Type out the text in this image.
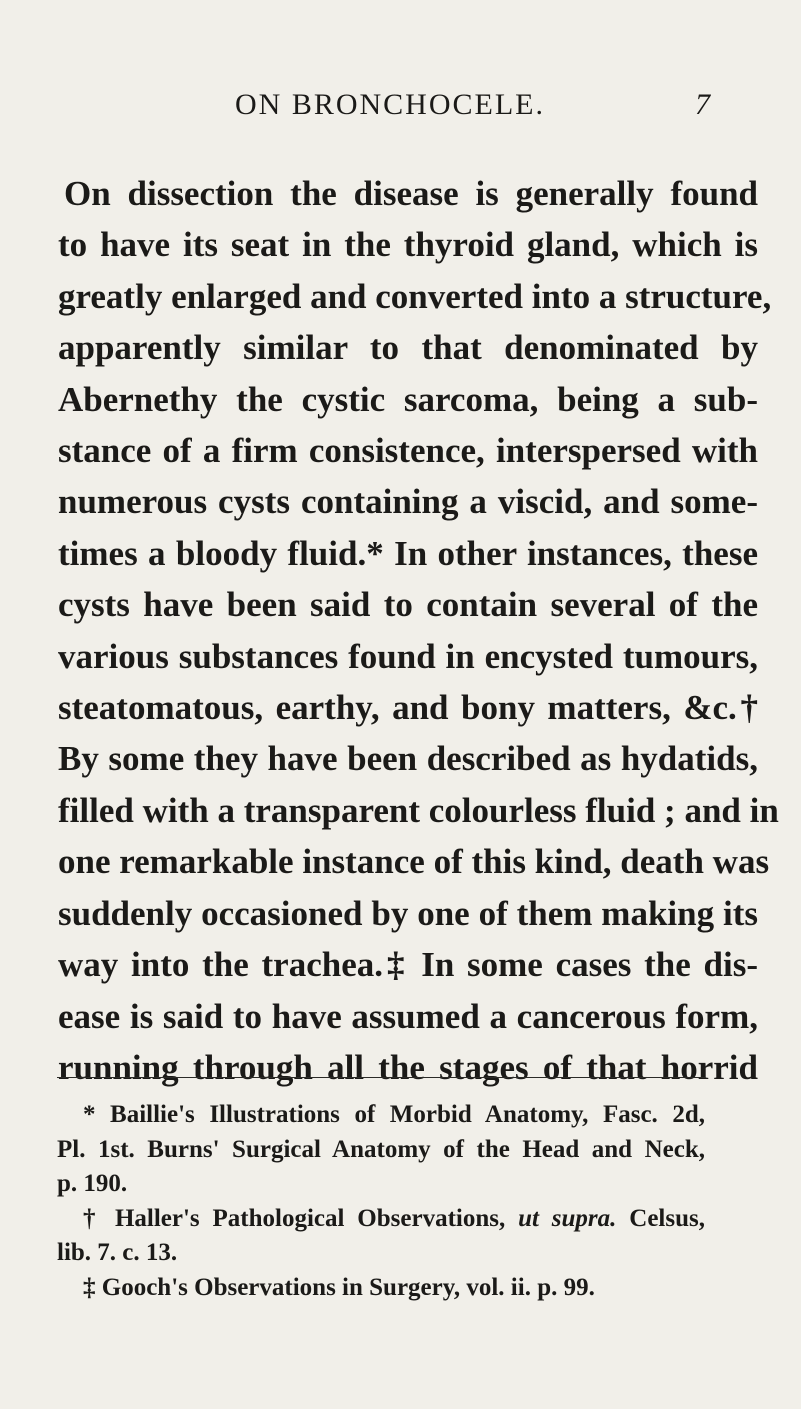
ON BRONCHOCELE.	7

On dissection the disease is generally found
to have its seat in the thyroid gland, which is
greatly enlarged and converted into a structure,
apparently similar to that denominated by
Abernethy the cystic sarcoma, being a sub-
stance of a firm consistence, interspersed with
numerous cysts containing a viscid, and some-
times a bloody fluid.* In other instances, these
cysts have been said to contain several of the
various substances found in encysted tumours,
steatomatous, earthy, and bony matters, &c.†
By some they have been described as hydatids,
filled with a transparent colourless fluid ; and in
one remarkable instance of this kind, death was
suddenly occasioned by one of them making its
way into the trachea.‡ In some cases the dis-
ease is said to have assumed a cancerous form,
running through all the stages of that horrid

* Baillie's Illustrations of Morbid Anatomy, Fasc. 2d,
Pl. 1st. Burns' Surgical Anatomy of the Head and Neck,
p. 190.
† Haller's Pathological Observations, ut supra. Celsus,
lib. 7. c. 13.
‡ Gooch's Observations in Surgery, vol. ii. p. 99.
